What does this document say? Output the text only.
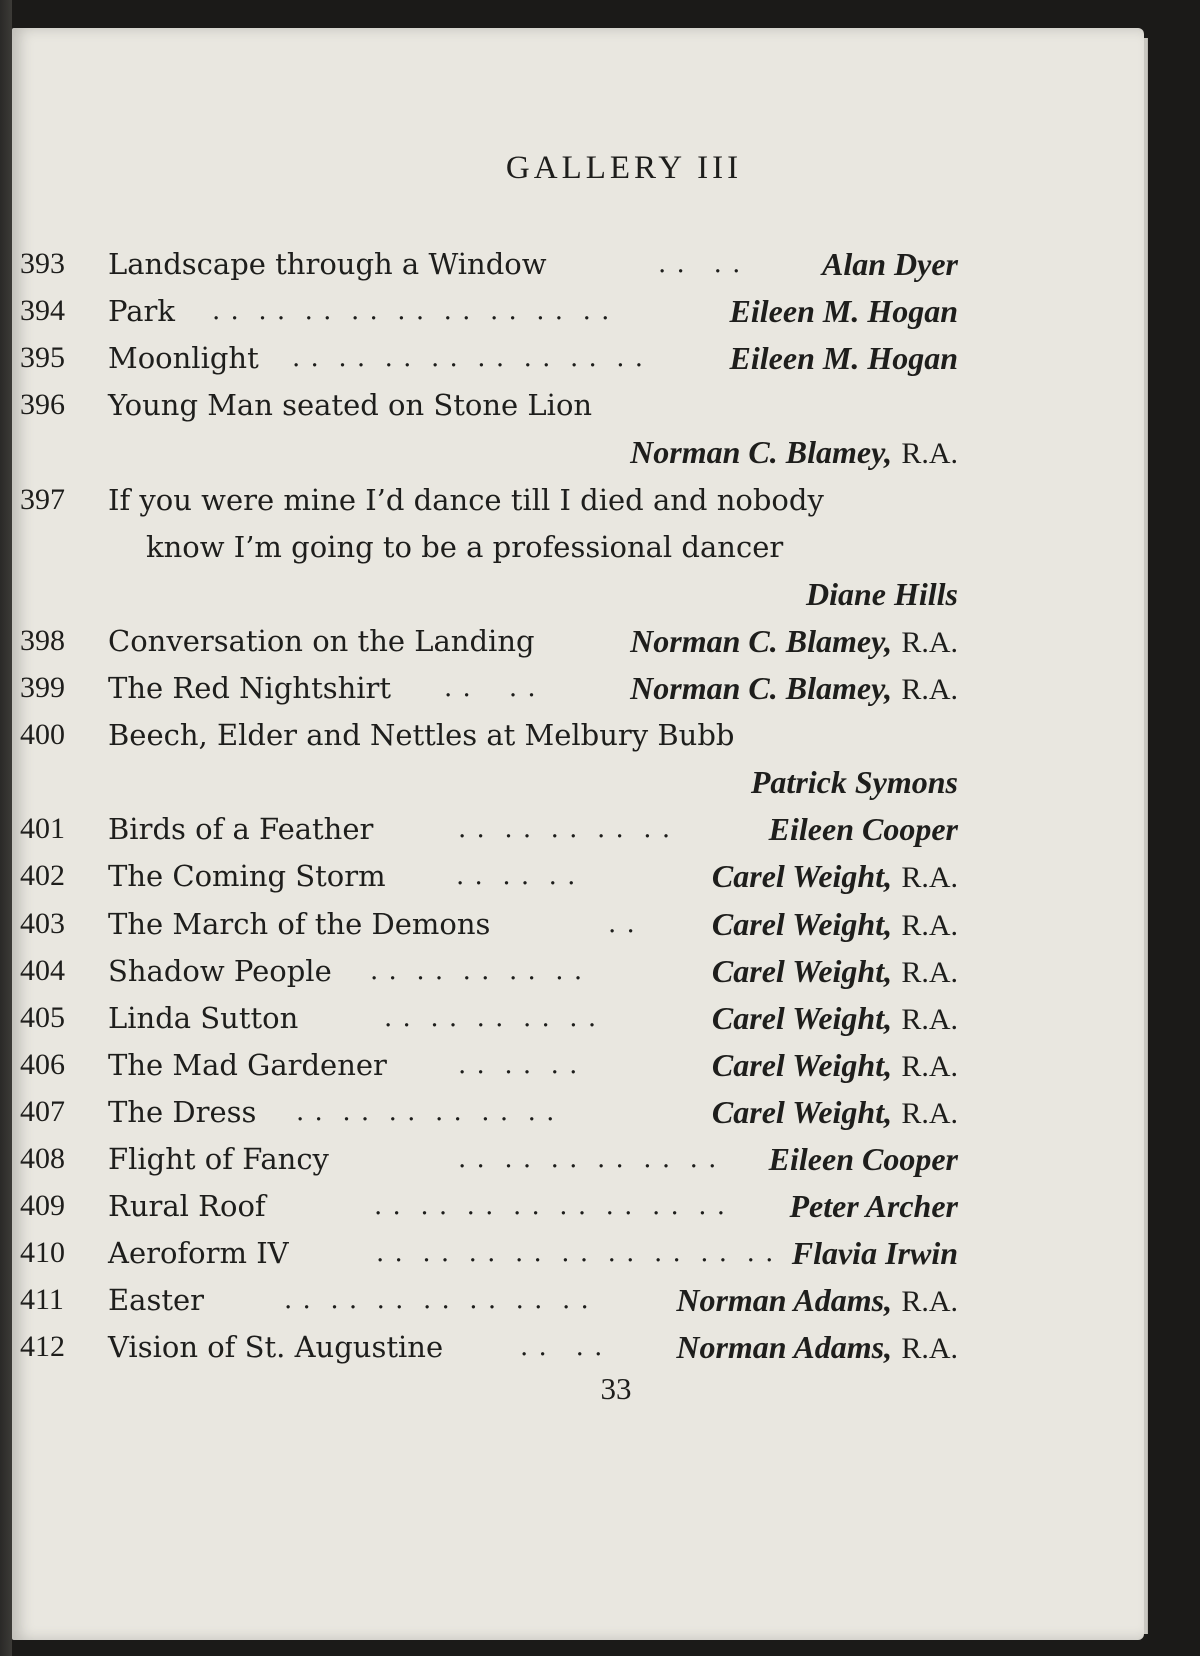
GALLERY III
393 Landscape through a Window	. .   . .	Alan Dyer
394 Park . .  . .  . .  . .  . .  . .  . .  . .  . .	Eileen M. Hogan
395 Moonlight . .  . .  . .  . .  . .  . .  . .  . .	Eileen M. Hogan
396 Young Man seated on Stone Lion
Norman C. Blamey, R.A.
397 If you were mine I’d dance till I died and nobody
know I’m going to be a professional dancer
Diane Hills
398 Conversation on the Landing	Norman C. Blamey, R.A.
399 The Red Nightshirt . .    . .	Norman C. Blamey, R.A.
400 Beech, Elder and Nettles at Melbury Bubb
Patrick Symons
401 Birds of a Feather	. .  . .  . .  . .  . .	Eileen Cooper
402 The Coming Storm	. .  . .  . .	Carel Weight, R.A.
403 The March of the Demons	. . Carel Weight, R.A.
404 Shadow People . .  . .  . .  . .  . .	Carel Weight, R.A.
405 Linda Sutton	. .  . .  . .  . .  . .	Carel Weight, R.A.
406 The Mad Gardener	. .  . .  . .	Carel Weight, R.A.
407 The Dress . .  . .  . .  . .  . .  . .	Carel Weight, R.A.
408 Flight of Fancy	. .  . .  . .  . .  . .  . . Eileen Cooper
409 Rural Roof	. .  . .  . .  . .  . .  . .  . .  . . Peter Archer
410 Aeroform IV	. .  . .  . .  . .  . .  . .  . .  . .  . . Flavia Irwin
411 Easter	. .  . .  . .  . .  . .  . .  . .	Norman Adams, R.A.
412 Vision of St. Augustine	. .   . . Norman Adams, R.A.
33
